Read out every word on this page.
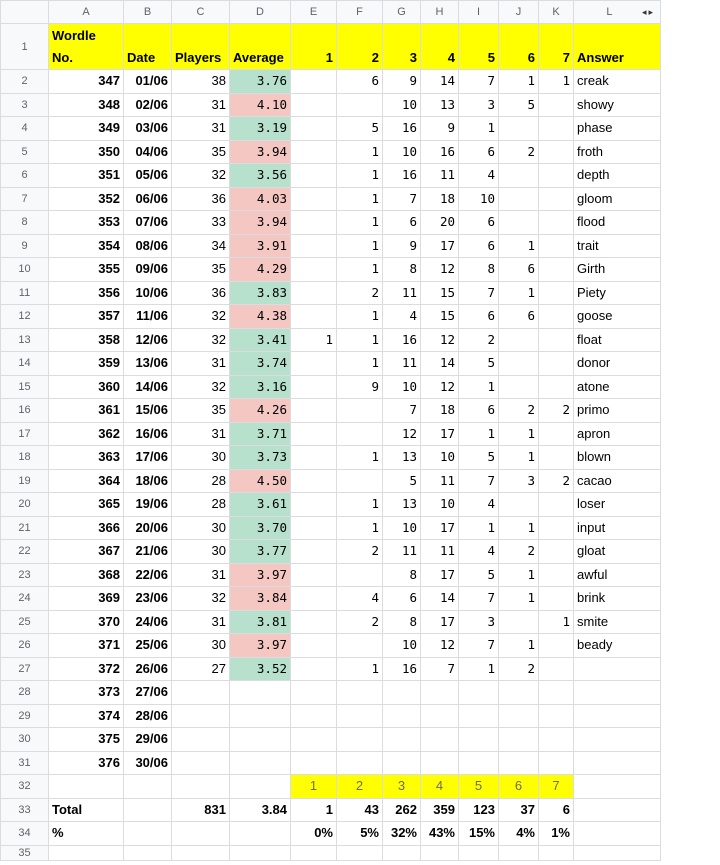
	A	B	C	D	E	F	G	H	I	J	K	L ◂▸

1	Wordle No.	Date	Players	Average	1	2	3	4	5	6	7	Answer
2	347	01/06	38	3.76		6	9	14	7	1	1	creak
3	348	02/06	31	4.10			10	13	3	5		showy
4	349	03/06	31	3.19		5	16	9	1			phase
5	350	04/06	35	3.94		1	10	16	6	2		froth
6	351	05/06	32	3.56		1	16	11	4			depth
7	352	06/06	36	4.03		1	7	18	10			gloom
8	353	07/06	33	3.94		1	6	20	6			flood
9	354	08/06	34	3.91		1	9	17	6	1		trait
10	355	09/06	35	4.29		1	8	12	8	6		Girth
11	356	10/06	36	3.83		2	11	15	7	1		Piety
12	357	11/06	32	4.38		1	4	15	6	6		goose
13	358	12/06	32	3.41	1	1	16	12	2			float
14	359	13/06	31	3.74		1	11	14	5			donor
15	360	14/06	32	3.16		9	10	12	1			atone
16	361	15/06	35	4.26			7	18	6	2	2	primo
17	362	16/06	31	3.71			12	17	1	1		apron
18	363	17/06	30	3.73		1	13	10	5	1		blown
19	364	18/06	28	4.50			5	11	7	3	2	cacao
20	365	19/06	28	3.61		1	13	10	4			loser
21	366	20/06	30	3.70		1	10	17	1	1		input
22	367	21/06	30	3.77		2	11	11	4	2		gloat
23	368	22/06	31	3.97			8	17	5	1		awful
24	369	23/06	32	3.84		4	6	14	7	1		brink
25	370	24/06	31	3.81		2	8	17	3		1	smite
26	371	25/06	30	3.97			10	12	7	1		beady
27	372	26/06	27	3.52		1	16	7	1	2		
28	373	27/06										
29	374	28/06										
30	375	29/06										
31	376	30/06										
32					1	2	3	4	5	6	7	
33	Total		831	3.84	1	43	262	359	123	37	6	
34	%				0%	5%	32%	43%	15%	4%	1%	
35												
